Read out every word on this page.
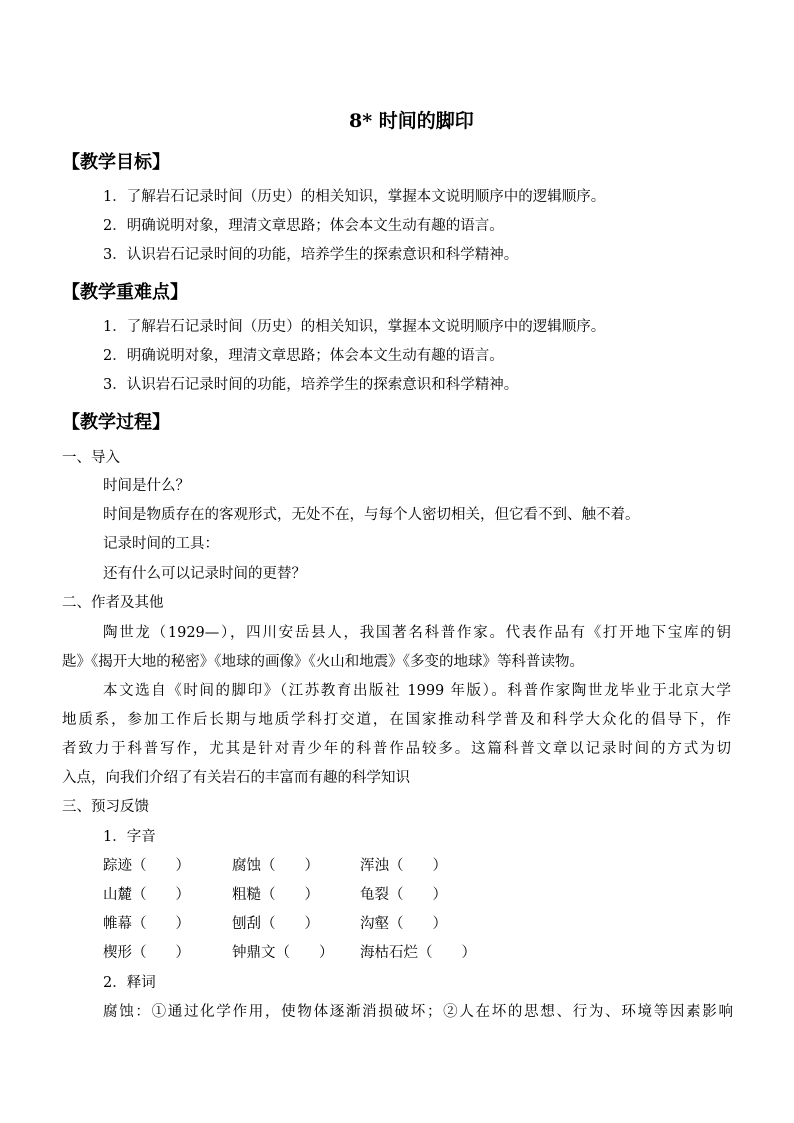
8* 时间的脚印
【教学目标】
1．了解岩石记录时间（历史）的相关知识，掌握本文说明顺序中的逻辑顺序。
2．明确说明对象，理清文章思路；体会本文生动有趣的语言。
3．认识岩石记录时间的功能，培养学生的探索意识和科学精神。
【教学重难点】
1．了解岩石记录时间（历史）的相关知识，掌握本文说明顺序中的逻辑顺序。
2．明确说明对象，理清文章思路；体会本文生动有趣的语言。
3．认识岩石记录时间的功能，培养学生的探索意识和科学精神。
【教学过程】
一、导入
时间是什么？
时间是物质存在的客观形式，无处不在，与每个人密切相关，但它看不到、触不着。
记录时间的工具：
还有什么可以记录时间的更替？
二、作者及其他
陶世龙（1929—），四川安岳县人，我国著名科普作家。代表作品有《打开地下宝库的钥
匙》《揭开大地的秘密》《地球的画像》《火山和地震》《多变的地球》等科普读物。
本文选自《时间的脚印》（江苏教育出版社 1999 年版）。科普作家陶世龙毕业于北京大学
地质系，参加工作后长期与地质学科打交道，在国家推动科学普及和科学大众化的倡导下，作
者致力于科普写作，尤其是针对青少年的科普作品较多。这篇科普文章以记录时间的方式为切
入点，向我们介绍了有关岩石的丰富而有趣的科学知识
三、预习反馈
1．字音
踪迹（　　）	腐蚀（　　）	浑浊（　　）
山麓（　　）	粗糙（　　）	龟裂（　　）
帷幕（　　）	刨刮（　　）	沟壑（　　）
楔形（　　）	钟鼎文（　　） 海枯石烂（　　）
2．释词
腐蚀：①通过化学作用，使物体逐渐消损破坏；②人在坏的思想、行为、环境等因素影响
